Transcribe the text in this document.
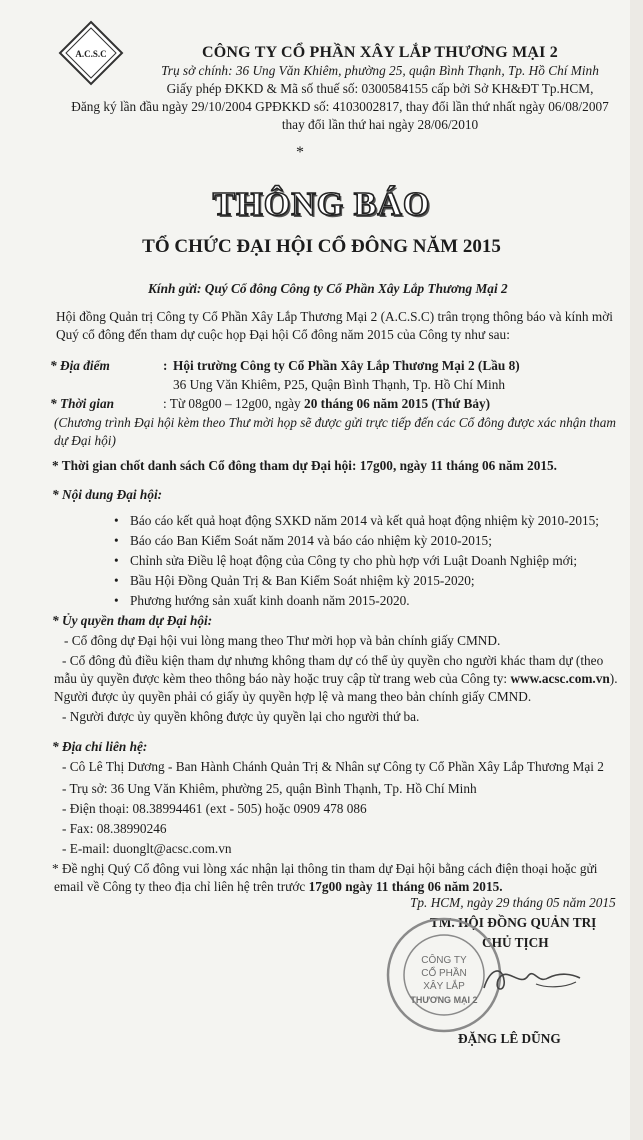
A.C.S.C	CÔNG TY CỔ PHẦN XÂY LẮP THƯƠNG MẠI 2
Trụ sở chính: 36 Ung Văn Khiêm, phường 25, quận Bình Thạnh, Tp. Hồ Chí Minh
Giấy phép ĐKKD & Mã số thuế số: 0300584155 cấp bởi Sở KH&ĐT Tp.HCM,
Đăng ký lần đầu ngày 29/10/2004 GPĐKKD số: 4103002817, thay đổi lần thứ nhất ngày 06/08/2007
thay đổi lần thứ hai ngày 28/06/2010
*
THÔNG BÁO
TỔ CHỨC ĐẠI HỘI CỔ ĐÔNG NĂM 2015
Kính gửi: Quý Cổ đông Công ty Cổ Phần Xây Lắp Thương Mại 2
Hội đồng Quản trị Công ty Cổ Phần Xây Lắp Thương Mại 2 (A.C.S.C) trân trọng thông báo và kính mời
Quý cổ đông đến tham dự cuộc họp Đại hội Cổ đông năm 2015 của Công ty như sau:
* Địa điểm	: Hội trường Công ty Cổ Phần Xây Lắp Thương Mại 2 (Lầu 8)
36 Ung Văn Khiêm, P25, Quận Bình Thạnh, Tp. Hồ Chí Minh
* Thời gian	: Từ 08g00 – 12g00, ngày 20 tháng 06 năm 2015 (Thứ Bảy)
(Chương trình Đại hội kèm theo Thư mời họp sẽ được gửi trực tiếp đến các Cổ đông được xác nhận tham
dự Đại hội)
* Thời gian chốt danh sách Cổ đông tham dự Đại hội: 17g00, ngày 11 tháng 06 năm 2015.
* Nội dung Đại hội:
• Báo cáo kết quả hoạt động SXKD năm 2014 và kết quả hoạt động nhiệm kỳ 2010-2015;
• Báo cáo Ban Kiểm Soát năm 2014 và báo cáo nhiệm kỳ 2010-2015;
• Chỉnh sửa Điều lệ hoạt động của Công ty cho phù hợp với Luật Doanh Nghiệp mới;
• Bầu Hội Đồng Quản Trị & Ban Kiểm Soát nhiệm kỳ 2015-2020;
• Phương hướng sản xuất kinh doanh năm 2015-2020.
* Ủy quyền tham dự Đại hội:
- Cổ đông dự Đại hội vui lòng mang theo Thư mời họp và bản chính giấy CMND.
- Cổ đông đủ điều kiện tham dự nhưng không tham dự có thể ủy quyền cho người khác tham dự (theo
mẫu ủy quyền được kèm theo thông báo này hoặc truy cập từ trang web của Công ty: www.acsc.com.vn).
Người được ủy quyền phải có giấy ủy quyền hợp lệ và mang theo bản chính giấy CMND.
- Người được ủy quyền không được ủy quyền lại cho người thứ ba.
* Địa chỉ liên hệ:
- Cô Lê Thị Dương - Ban Hành Chánh Quản Trị & Nhân sự Công ty Cổ Phần Xây Lắp Thương Mại 2
- Trụ sở: 36 Ung Văn Khiêm, phường 25, quận Bình Thạnh, Tp. Hồ Chí Minh
- Điện thoại: 08.38994461 (ext - 505) hoặc 0909 478 086
- Fax: 08.38990246
- E-mail: duonglt@acsc.com.vn
* Đề nghị Quý Cổ đông vui lòng xác nhận lại thông tin tham dự Đại hội bằng cách điện thoại hoặc gửi
email về Công ty theo địa chỉ liên hệ trên trước 17g00 ngày 11 tháng 06 năm 2015.
Tp. HCM, ngày 29 tháng 05 năm 2015
TM. HỘI ĐỒNG QUẢN TRỊ
CHỦ TỊCH
CÔNG TY
CỔ PHẦN
XÂY LẮP
THƯƠNG MẠI 2
ĐẶNG LÊ DŨNG
